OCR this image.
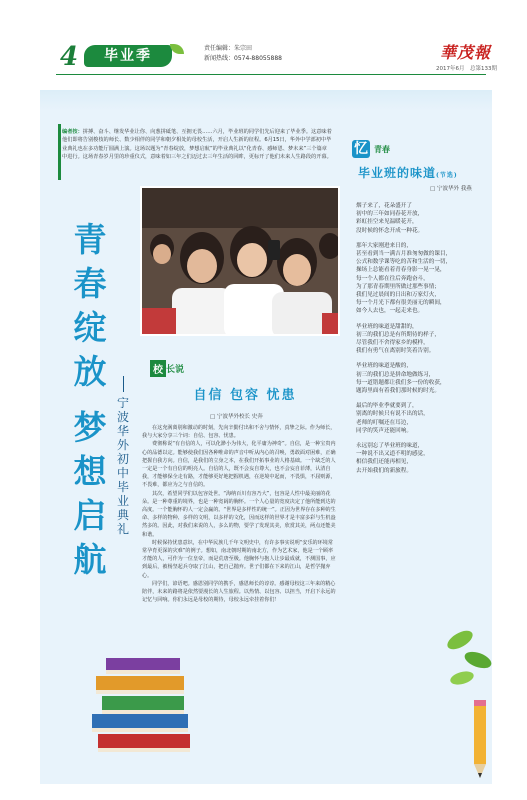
4	毕业季	责任编辑：朱宗田
新闻热线：0574-88055888	華茂報
2017年6月　总第133期
编者按：拼搏、奋斗、继发华业让你、向葱拼砥笔、互拥无畏……六月，毕业班的同学们先后迎来了毕业季。这意味着他们即将告别梭枝的师长、数少相伴的同学和朝夕相处的母校生活，开启人生新的征程。6月15日，华外中学部初中毕业典礼也在多功能厅圆满上演。这场以题为“青春绽放，梦想启航”的毕业典礼以“化青春、感师恩、梦未来”三个篇章中进行。这场青春岁月里的珍重仪式，意味着如三年之们迈过去三年生活的回眸，更标开了他们未来人生路段的开幕。
青
春
绽
放
梦
想
启
航
宁
波
华
外
初
中
毕
业
典
礼
校 长说
自信 包容 忧患
□ 宁波华外校长 史奔

在这充满离别和激动的时刻，先向辛勤付出和不舍与情怀，真挚之际。作为师长，我与大家分享三个词：自信、包容、忧患。

费彻称说“有自信的人，可以化渺小为伟大，化平庸为神奇”。自信，是一种宝贵内心的品德以定。能够使我们因各种唯命的声音中听从内心的召唤，勇敢面对困难，正确把握自我方向。自信，是我们的立身之本，在我们开拓事业的人格基础。一个缺乏的人一定是一个有自信的明亮人。自信的人，既不会妄自尊大，也不会妄自菲薄，认清自我，才能够保全走有路，才能够更好地把握机遇，在逆境中起而，不畏惧，不屈则源，不畏难，都应为之与自信的。

其次，希望同学们以包容处世。“海纳百川有容乃大”，包容是人性中最美丽的花朵。是一种尊重的境界，也是一种宽阔的胸怀。一个人心量的宽度决定了他所能到达的高度。一个能胸怀的人一定会赢的。“世界是多样性的统一”。正因为世界存在多种的生命、多样的物种、多样的文明，以多样的文化，因而这样的世界才是丰富多彩与生机盎然多的。因此，对我们来说的人，多么的物，要学了发现其美，欣赏其美，两点还能美和谐。

时候保持忧患意识，在中华民族几千年文明史中，有许多事实说明“安乐的环境常常孕育更深的灾难”的例子。想如，南北朝时期的南北方，作为艺术家，他是一个顾率才能的人，可作为一位皇帝，而是荒唐至极。他胸怀与抱人让步最成就，不测国事，应到最后，被杨坚起兵夺取了江山，把自己抛弃。世子们都在下来的江山，是哲学抛弃心。

同学们，谚语吧。感恩别同学的携手，感恩师长的谆谆。感谢母校这三年来的精心陪伴，未来的路将是依然要漫长的人生旅程。以热情、以包容、以担当，开启下永远的记忆与回响。你们永远是母校的期待，母校永远牵挂着你们！

忆 青春
毕业班的味道(节选)
□ 宁波华外 我燕
烟子来了，花朵盛开了
初中的三年如同春花开放，
彩虹挂空来见温暖花开，
没时候的怀念开成一种花。
那年大家刚进来日的，
甚至看到当一满吉月准匆匆做的课目，
公式和数学课等吃的苦和生活的一切，
操场上总能看着青春身影一晃一晃，
每一个人都在往后奔跑奋斗，
为了那青春期里所做过那些事情；
我们见过晨间的日出和万家灯火，
每一个月光下都有很美丽无的瞬间，
如今人去也，一起走来也。
毕业班的味道是甜甜的，
初三的我们总是有所期待的样子，
尽管我们不舍得家乡的模样，
我们有勇气在离别时笑着告别。
毕业班的味道是酸的，
初三的我们总是拼命地做练习，
每一道错题都让我们多一份的收获，
题海里面有着我们那时候的时光。
最后的毕业季就要到了，
别离的时候只有说不出的话，
老师的叮嘱还在耳边，
同学的笑声还能回响。
永远别忘了毕业班的味道，
一种说不出又道不明的感觉，
相信我们还能再相见，
去开始我们的新旅程。
